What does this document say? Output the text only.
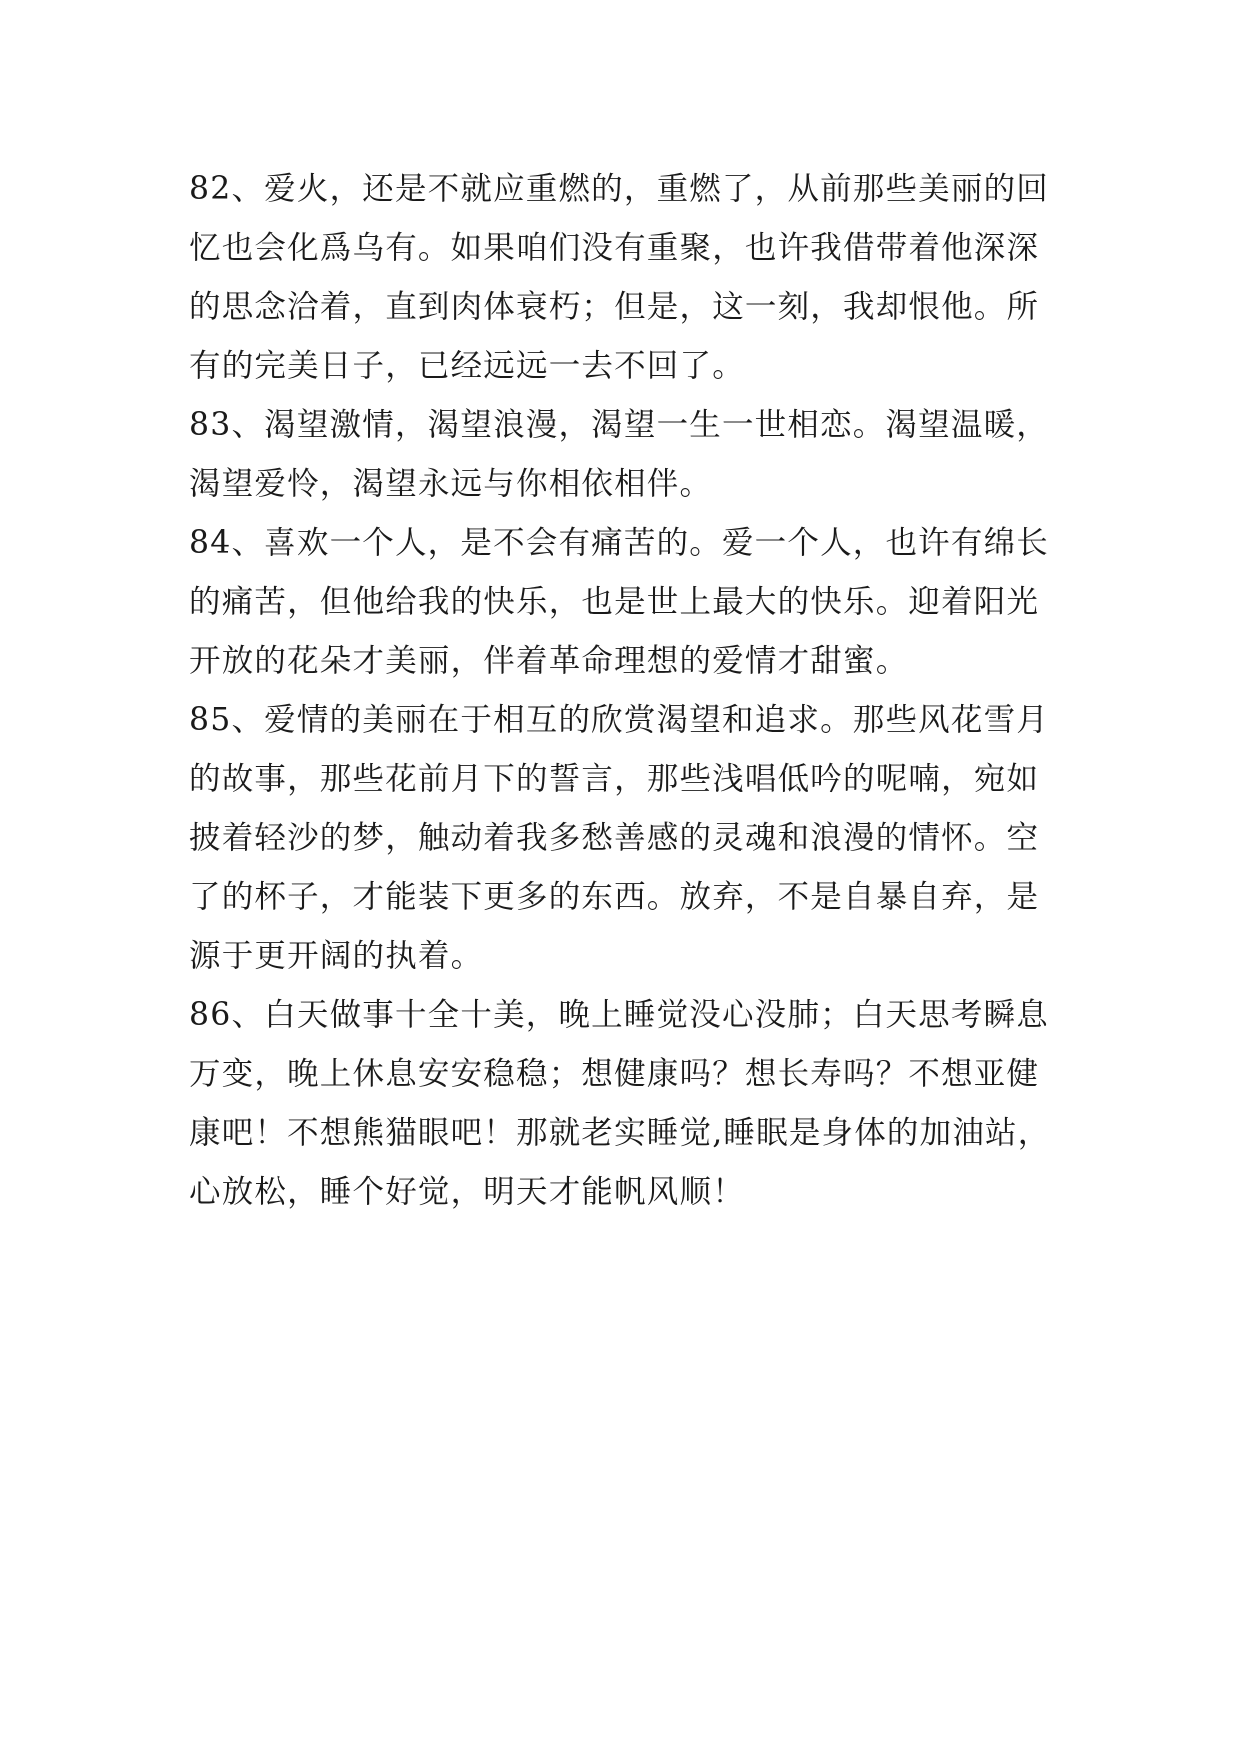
82、爱火，还是不就应重燃的，重燃了，从前那些美丽的回
忆也会化爲乌有。如果咱们没有重聚，也许我借带着他深深
的思念洽着，直到肉体衰朽；但是，这一刻，我却恨他。所
有的完美日子，已经远远一去不回了。
83、渴望激情，渴望浪漫，渴望一生一世相恋。渴望温暖，
渴望爱怜，渴望永远与你相依相伴。
84、喜欢一个人，是不会有痛苦的。爱一个人，也许有绵长
的痛苦，但他给我的快乐，也是世上最大的快乐。迎着阳光
开放的花朵才美丽，伴着革命理想的爱情才甜蜜。
85、爱情的美丽在于相互的欣赏渴望和追求。那些风花雪月
的故事，那些花前月下的誓言，那些浅唱低吟的呢喃，宛如
披着轻沙的梦，触动着我多愁善感的灵魂和浪漫的情怀。空
了的杯子，才能装下更多的东西。放弃，不是自暴自弃，是
源于更开阔的执着。
86、白天做事十全十美，晚上睡觉没心没肺；白天思考瞬息
万变，晚上休息安安稳稳；想健康吗？想长寿吗？不想亚健
康吧！不想熊猫眼吧！那就老实睡觉,睡眠是身体的加油站，
心放松，睡个好觉，明天才能帆风顺！
